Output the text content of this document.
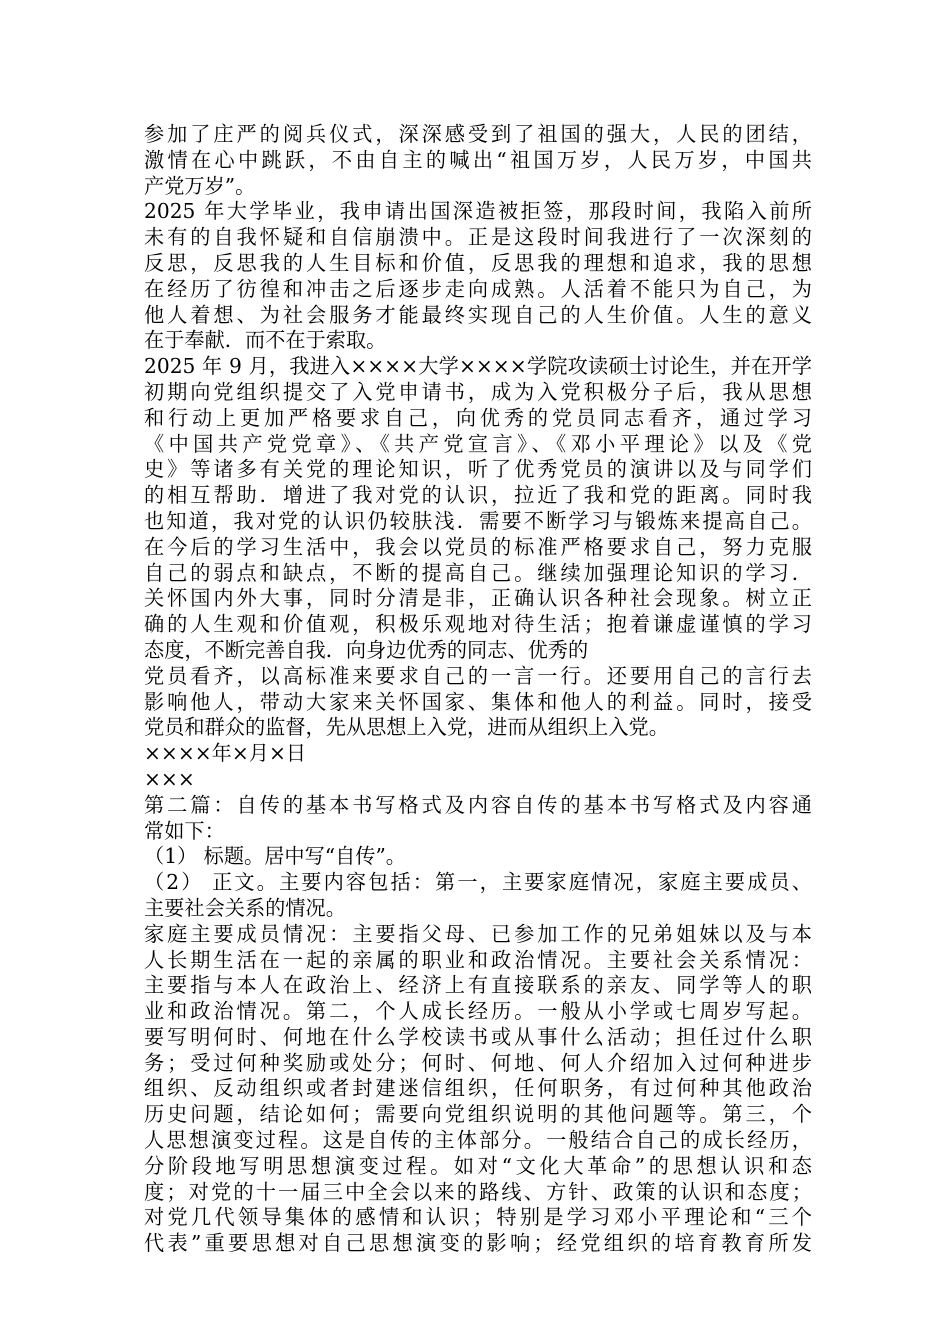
参加了庄严的阅兵仪式，深深感受到了祖国的强大，人民的团结，
激情在心中跳跃，不由自主的喊出“祖国万岁，人民万岁，中国共
产党万岁”。
2025 年大学毕业，我申请出国深造被拒签，那段时间，我陷入前所
未有的自我怀疑和自信崩溃中。正是这段时间我进行了一次深刻的
反思，反思我的人生目标和价值，反思我的理想和追求，我的思想
在经历了彷徨和冲击之后逐步走向成熟。人活着不能只为自己，为
他人着想、为社会服务才能最终实现自己的人生价值。人生的意义
在于奉献．而不在于索取。
2025 年 9 月，我进入××××大学××××学院攻读硕士讨论生，并在开学
初期向党组织提交了入党申请书，成为入党积极分子后，我从思想
和行动上更加严格要求自己，向优秀的党员同志看齐，通过学习
《中国共产党党章》、《共产党宣言》、《邓小平理论》以及《党
史》等诸多有关党的理论知识，听了优秀党员的演讲以及与同学们
的相互帮助．增进了我对党的认识，拉近了我和党的距离。同时我
也知道，我对党的认识仍较肤浅．需要不断学习与锻炼来提高自己。
在今后的学习生活中，我会以党员的标准严格要求自己，努力克服
自己的弱点和缺点，不断的提高自己。继续加强理论知识的学习．
关怀国内外大事，同时分清是非，正确认识各种社会现象。树立正
确的人生观和价值观，积极乐观地对待生活；抱着谦虚谨慎的学习
态度，不断完善自我．向身边优秀的同志、优秀的
党员看齐，以高标准来要求自己的一言一行。还要用自己的言行去
影响他人，带动大家来关怀国家、集体和他人的利益。同时，接受
党员和群众的监督，先从思想上入党，进而从组织上入党。
××××年×月×日
×××
第二篇：自传的基本书写格式及内容自传的基本书写格式及内容通
常如下：
（1） 标题。居中写“自传”。
（2） 正文。主要内容包括：第一，主要家庭情况，家庭主要成员、
主要社会关系的情况。
家庭主要成员情况：主要指父母、已参加工作的兄弟姐妹以及与本
人长期生活在一起的亲属的职业和政治情况。主要社会关系情况：
主要指与本人在政治上、经济上有直接联系的亲友、同学等人的职
业和政治情况。第二，个人成长经历。一般从小学或七周岁写起。
要写明何时、何地在什么学校读书或从事什么活动；担任过什么职
务；受过何种奖励或处分；何时、何地、何人介绍加入过何种进步
组织、反动组织或者封建迷信组织，任何职务，有过何种其他政治
历史问题，结论如何；需要向党组织说明的其他问题等。第三，个
人思想演变过程。这是自传的主体部分。一般结合自己的成长经历，
分阶段地写明思想演变过程。如对“文化大革命”的思想认识和态
度；对党的十一届三中全会以来的路线、方针、政策的认识和态度；
对党几代领导集体的感情和认识；特别是学习邓小平理论和“三个
代表”重要思想对自己思想演变的影响；经党组织的培育教育所发
